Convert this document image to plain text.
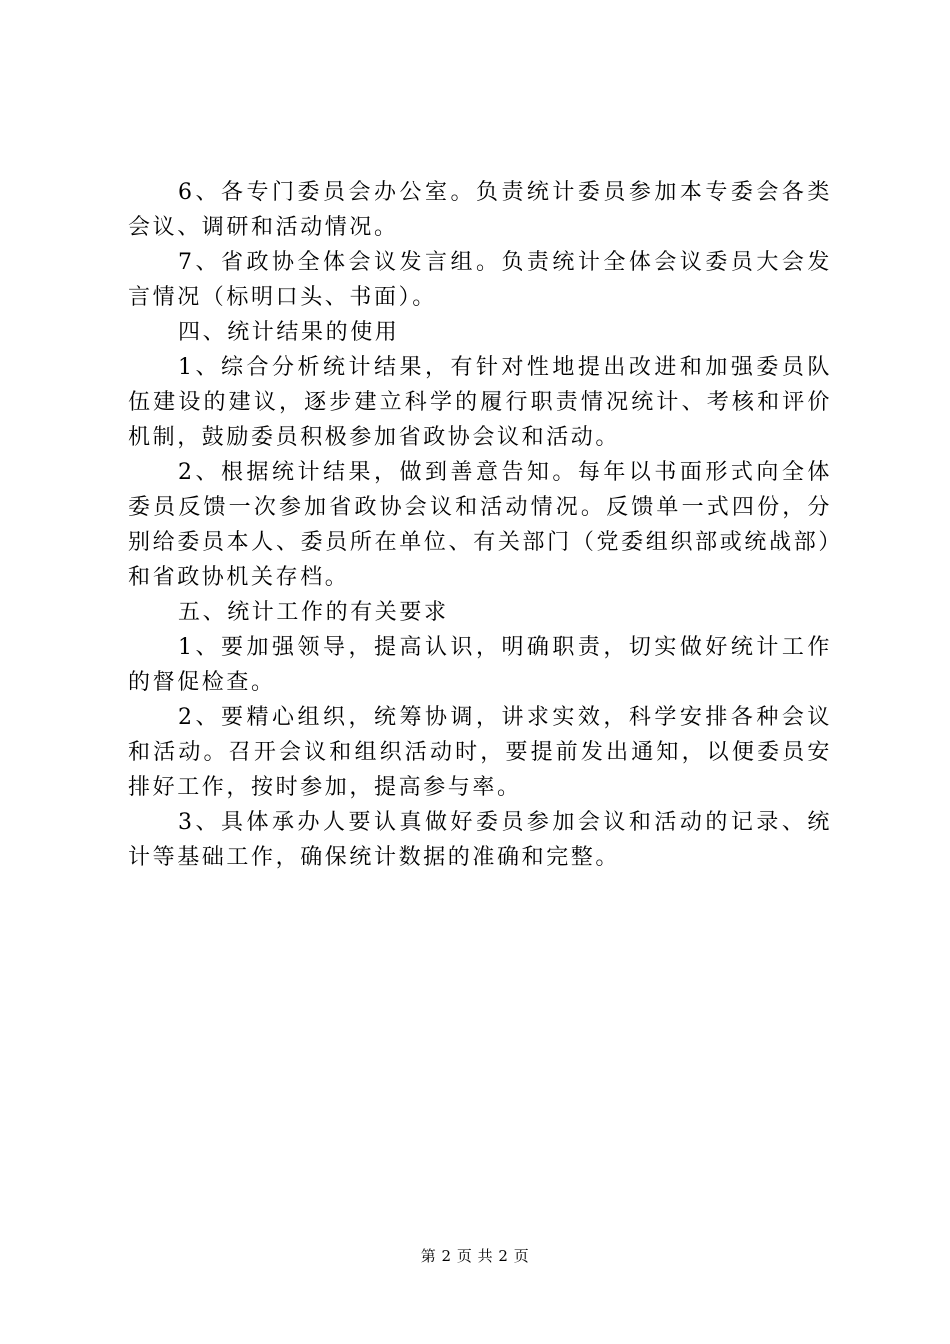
6、各专门委员会办公室。负责统计委员参加本专委会各类会议、调研和活动情况。

7、省政协全体会议发言组。负责统计全体会议委员大会发言情况（标明口头、书面）。

四、统计结果的使用

1、综合分析统计结果，有针对性地提出改进和加强委员队伍建设的建议，逐步建立科学的履行职责情况统计、考核和评价机制，鼓励委员积极参加省政协会议和活动。

2、根据统计结果，做到善意告知。每年以书面形式向全体委员反馈一次参加省政协会议和活动情况。反馈单一式四份，分别给委员本人、委员所在单位、有关部门（党委组织部或统战部）和省政协机关存档。

五、统计工作的有关要求

1、要加强领导，提高认识，明确职责，切实做好统计工作的督促检查。

2、要精心组织，统筹协调，讲求实效，科学安排各种会议和活动。召开会议和组织活动时，要提前发出通知，以便委员安排好工作，按时参加，提高参与率。

3、具体承办人要认真做好委员参加会议和活动的记录、统计等基础工作，确保统计数据的准确和完整。

第 2 页 共 2 页
